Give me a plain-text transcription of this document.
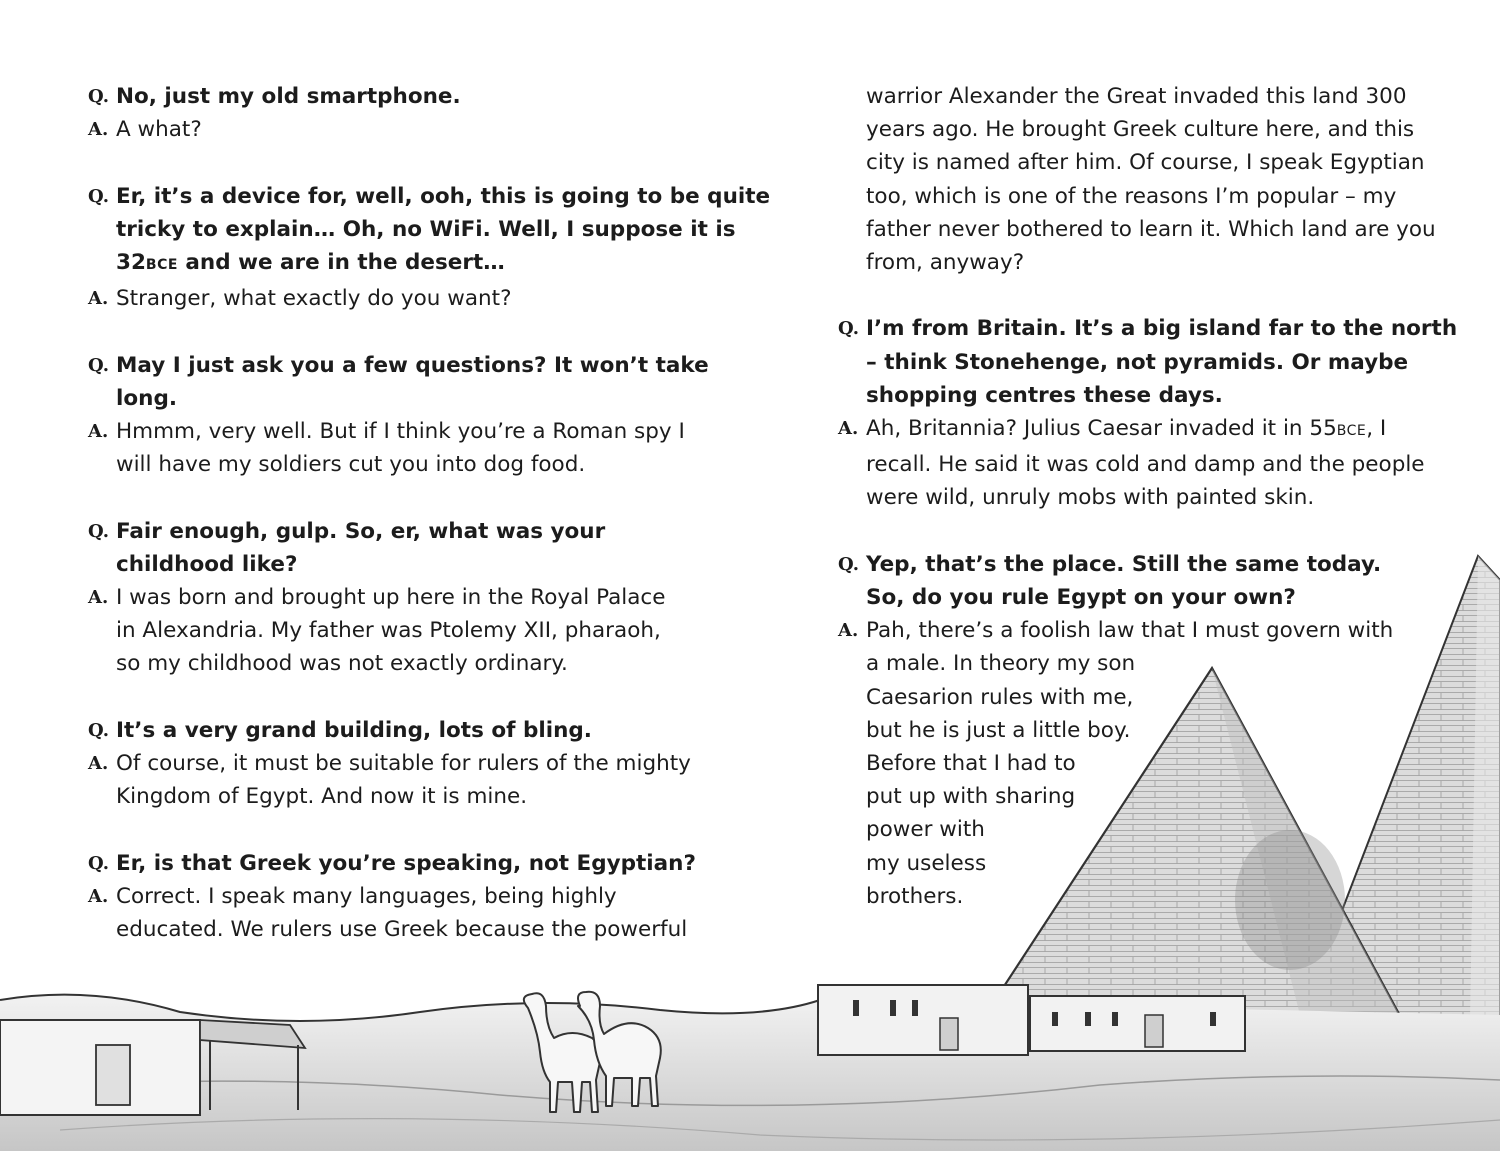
Q. No, just my old smartphone.
A. A what?
Q. Er, it’s a device for, well, ooh, this is going to be quite
tricky to explain… Oh, no WiFi. Well, I suppose it is
32BCE and we are in the desert…
A. Stranger, what exactly do you want?
Q. May I just ask you a few questions? It won’t take
long.
A. Hmmm, very well. But if I think you’re a Roman spy I
will have my soldiers cut you into dog food.
Q. Fair enough, gulp. So, er, what was your
childhood like?
A. I was born and brought up here in the Royal Palace
in Alexandria. My father was Ptolemy XII, pharaoh,
so my childhood was not exactly ordinary.
Q. It’s a very grand building, lots of bling.
A. Of course, it must be suitable for rulers of the mighty
Kingdom of Egypt. And now it is mine.
Q. Er, is that Greek you’re speaking, not Egyptian?
A. Correct. I speak many languages, being highly
educated. We rulers use Greek because the powerful
warrior Alexander the Great invaded this land 300
years ago. He brought Greek culture here, and this
city is named after him. Of course, I speak Egyptian
too, which is one of the reasons I’m popular – my
father never bothered to learn it. Which land are you
from, anyway?
Q. I’m from Britain. It’s a big island far to the north
– think Stonehenge, not pyramids. Or maybe
shopping centres these days.
A. Ah, Britannia? Julius Caesar invaded it in 55BCE, I
recall. He said it was cold and damp and the people
were wild, unruly mobs with painted skin.
Q. Yep, that’s the place. Still the same today.
So, do you rule Egypt on your own?
A. Pah, there’s a foolish law that I must govern with
a male. In theory my son
Caesarion rules with me,
but he is just a little boy.
Before that I had to
put up with sharing
power with
my useless
brothers.
